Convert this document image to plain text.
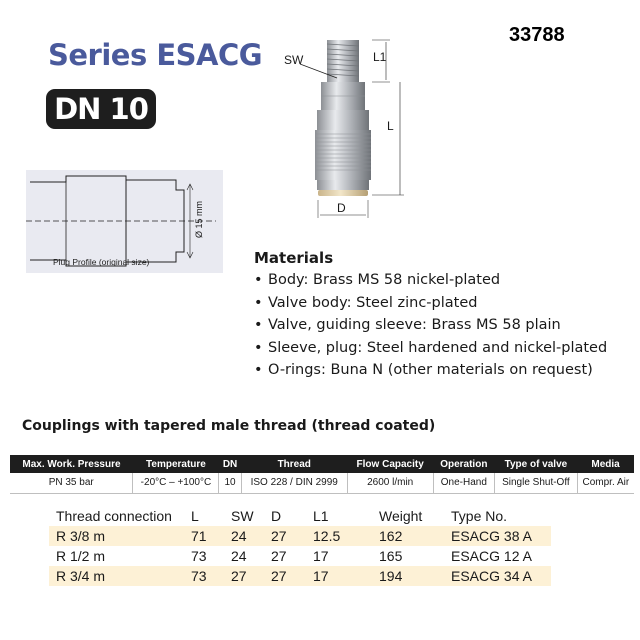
33788
Series ESACG
DN 10
Ø 15 mm
Plug Profile (original size)
SW	L1
L
D
Materials
• Body: Brass MS 58 nickel-plated
• Valve body: Steel zinc-plated
• Valve, guiding sleeve: Brass MS 58 plain
• Sleeve, plug: Steel hardened and nickel-plated
• O-rings: Buna N (other materials on request)
Couplings with tapered male thread (thread coated)
Max. Work. Pressure	Temperature	DN	Thread	Flow Capacity	Operation	Type of valve	Media
PN 35 bar	-20°C – +100°C	10	ISO 228 / DIN 2999	2600 l/min	One-Hand	Single Shut-Off	Compr. Air
Thread connection	L	SW	D	L1	Weight	Type No.
R 3/8 m	71	24	27	12.5	162	ESACG 38 A
R 1/2 m	73	24	27	17	165	ESACG 12 A
R 3/4 m	73	27	27	17	194	ESACG 34 A
